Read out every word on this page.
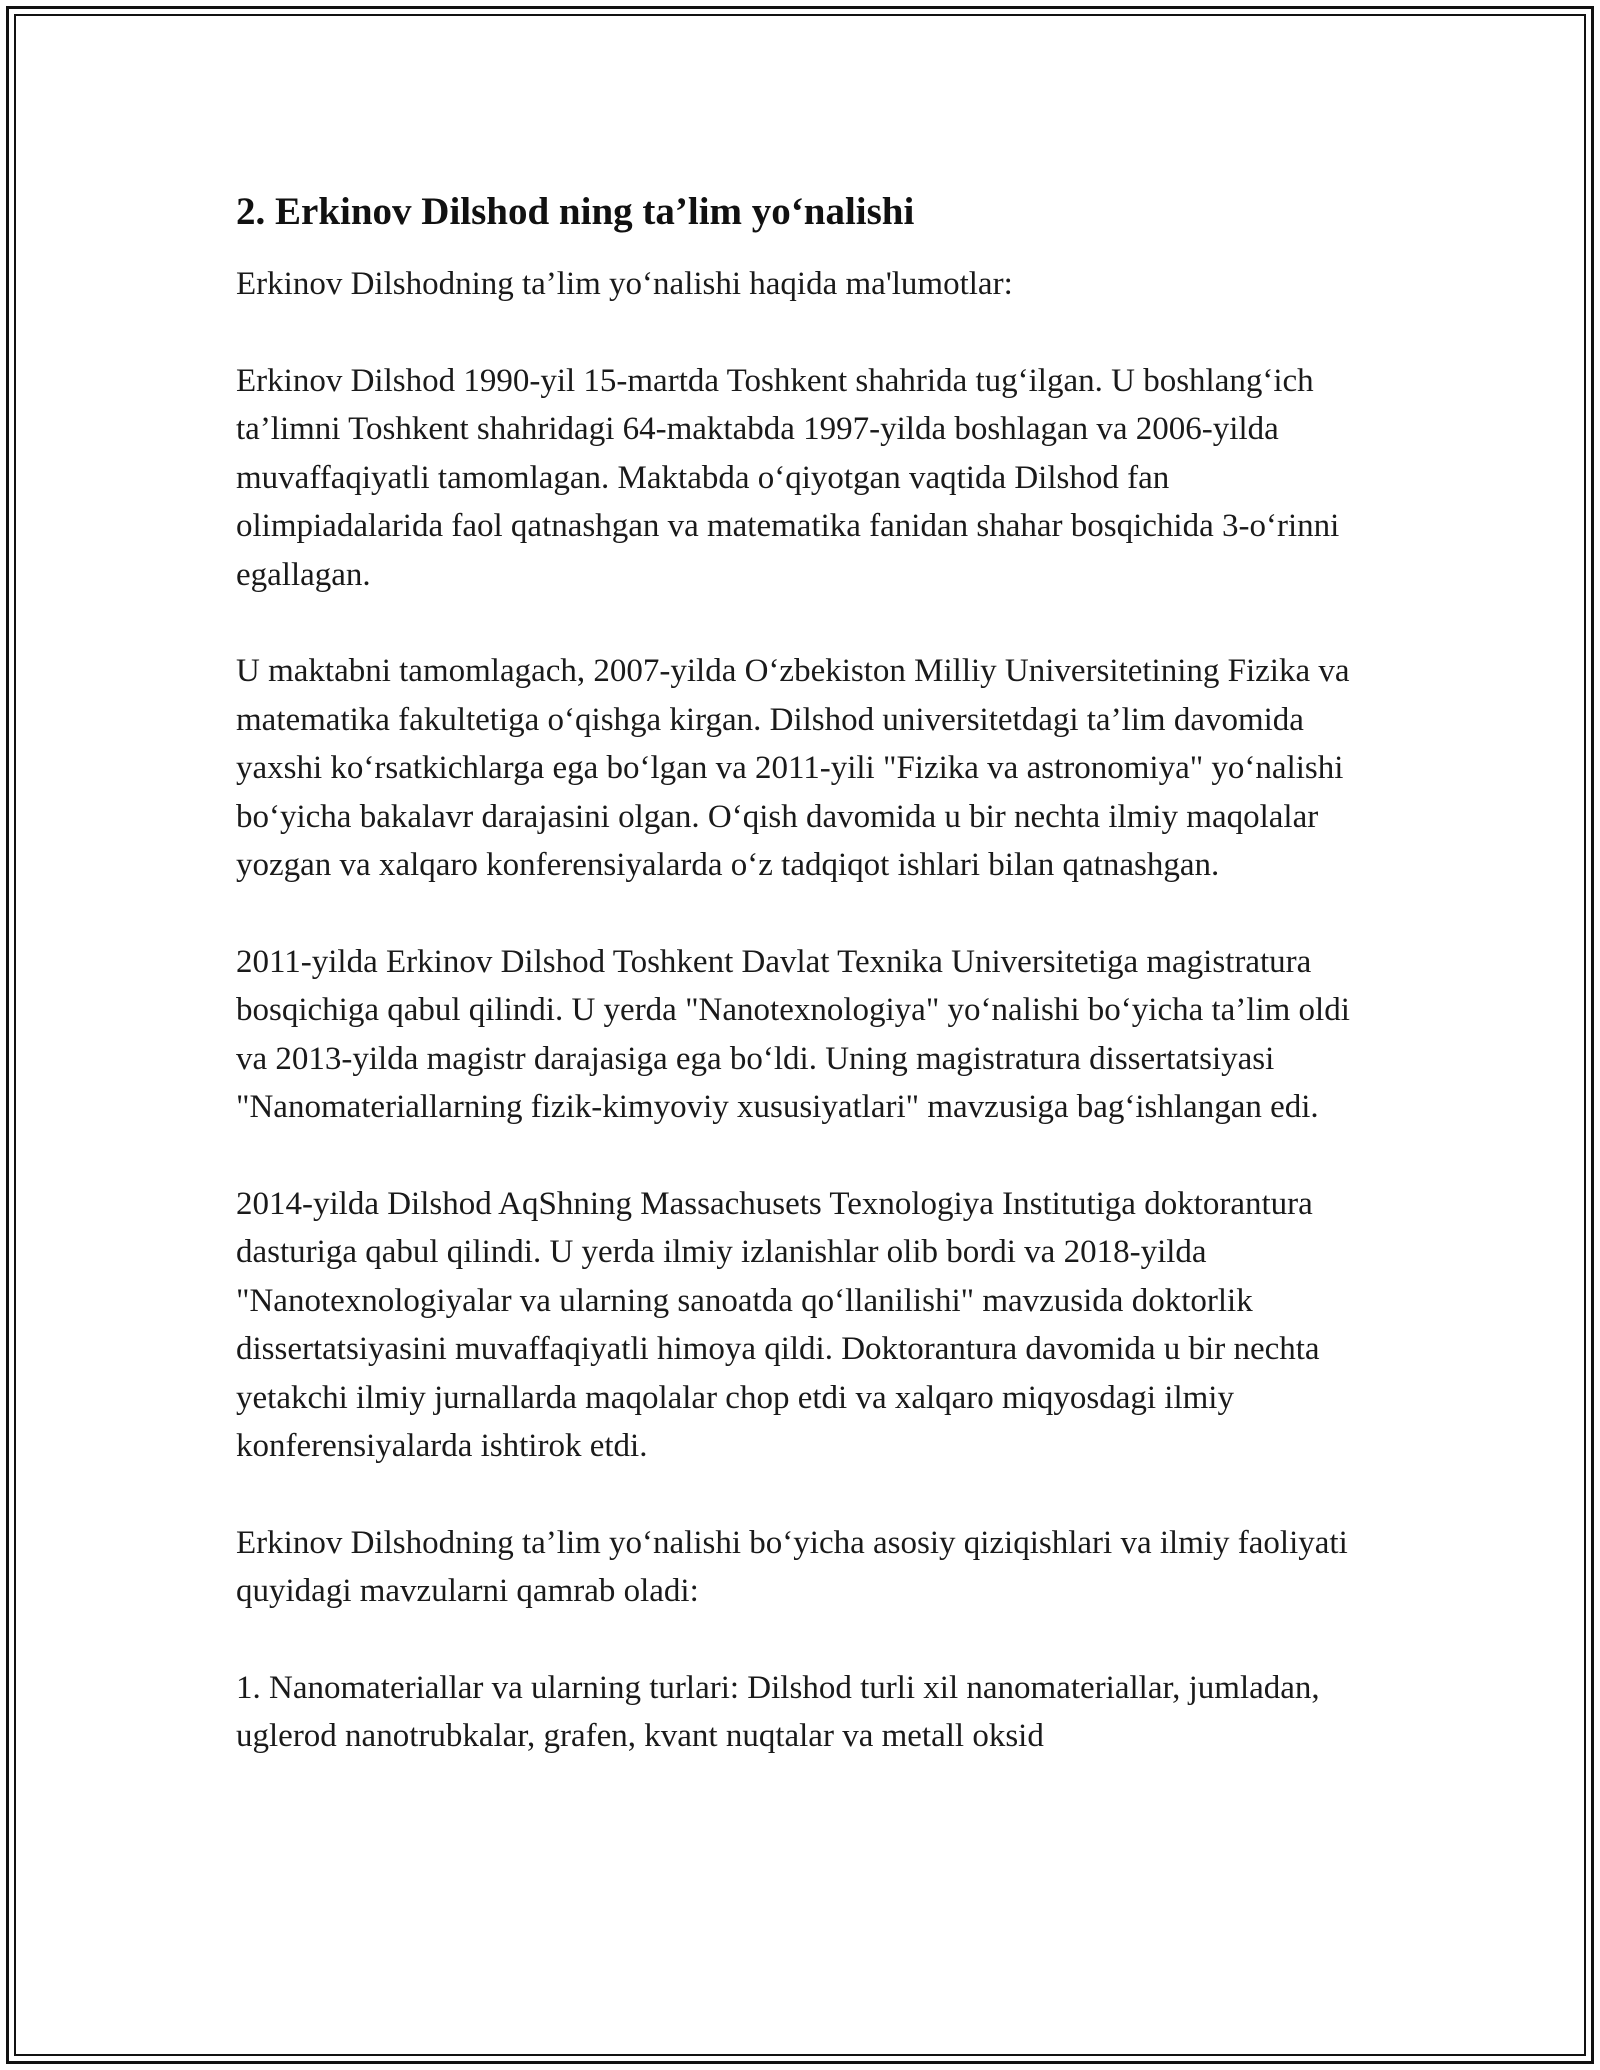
2. Erkinov Dilshod ning ta’lim yo‘nalishi

Erkinov Dilshodning ta’lim yo‘nalishi haqida ma'lumotlar:

Erkinov Dilshod 1990-yil 15-martda Toshkent shahrida tug‘ilgan. U boshlang‘ich ta’limni Toshkent shahridagi 64-maktabda 1997-yilda boshlagan va 2006-yilda muvaffaqiyatli tamomlagan. Maktabda o‘qiyotgan vaqtida Dilshod fan olimpiadalarida faol qatnashgan va matematika fanidan shahar bosqichida 3-o‘rinni egallagan.

U maktabni tamomlagach, 2007-yilda O‘zbekiston Milliy Universitetining Fizika va matematika fakultetiga o‘qishga kirgan. Dilshod universitetdagi ta’lim davomida yaxshi ko‘rsatkichlarga ega bo‘lgan va 2011-yili "Fizika va astronomiya" yo‘nalishi bo‘yicha bakalavr darajasini olgan. O‘qish davomida u bir nechta ilmiy maqolalar yozgan va xalqaro konferensiyalarda o‘z tadqiqot ishlari bilan qatnashgan.

2011-yilda Erkinov Dilshod Toshkent Davlat Texnika Universitetiga magistratura bosqichiga qabul qilindi. U yerda "Nanotexnologiya" yo‘nalishi bo‘yicha ta’lim oldi va 2013-yilda magistr darajasiga ega bo‘ldi. Uning magistratura dissertatsiyasi "Nanomateriallarning fizik-kimyoviy xususiyatlari" mavzusiga bag‘ishlangan edi.

2014-yilda Dilshod AqShning Massachusets Texnologiya Institutiga doktorantura dasturiga qabul qilindi. U yerda ilmiy izlanishlar olib bordi va 2018-yilda "Nanotexnologiyalar va ularning sanoatda qo‘llanilishi" mavzusida doktorlik dissertatsiyasini muvaffaqiyatli himoya qildi. Doktorantura davomida u bir nechta yetakchi ilmiy jurnallarda maqolalar chop etdi va xalqaro miqyosdagi ilmiy konferensiyalarda ishtirok etdi.

Erkinov Dilshodning ta’lim yo‘nalishi bo‘yicha asosiy qiziqishlari va ilmiy faoliyati quyidagi mavzularni qamrab oladi:

1. Nanomateriallar va ularning turlari: Dilshod turli xil nanomateriallar, jumladan, uglerod nanotrubkalar, grafen, kvant nuqtalar va metall oksid
